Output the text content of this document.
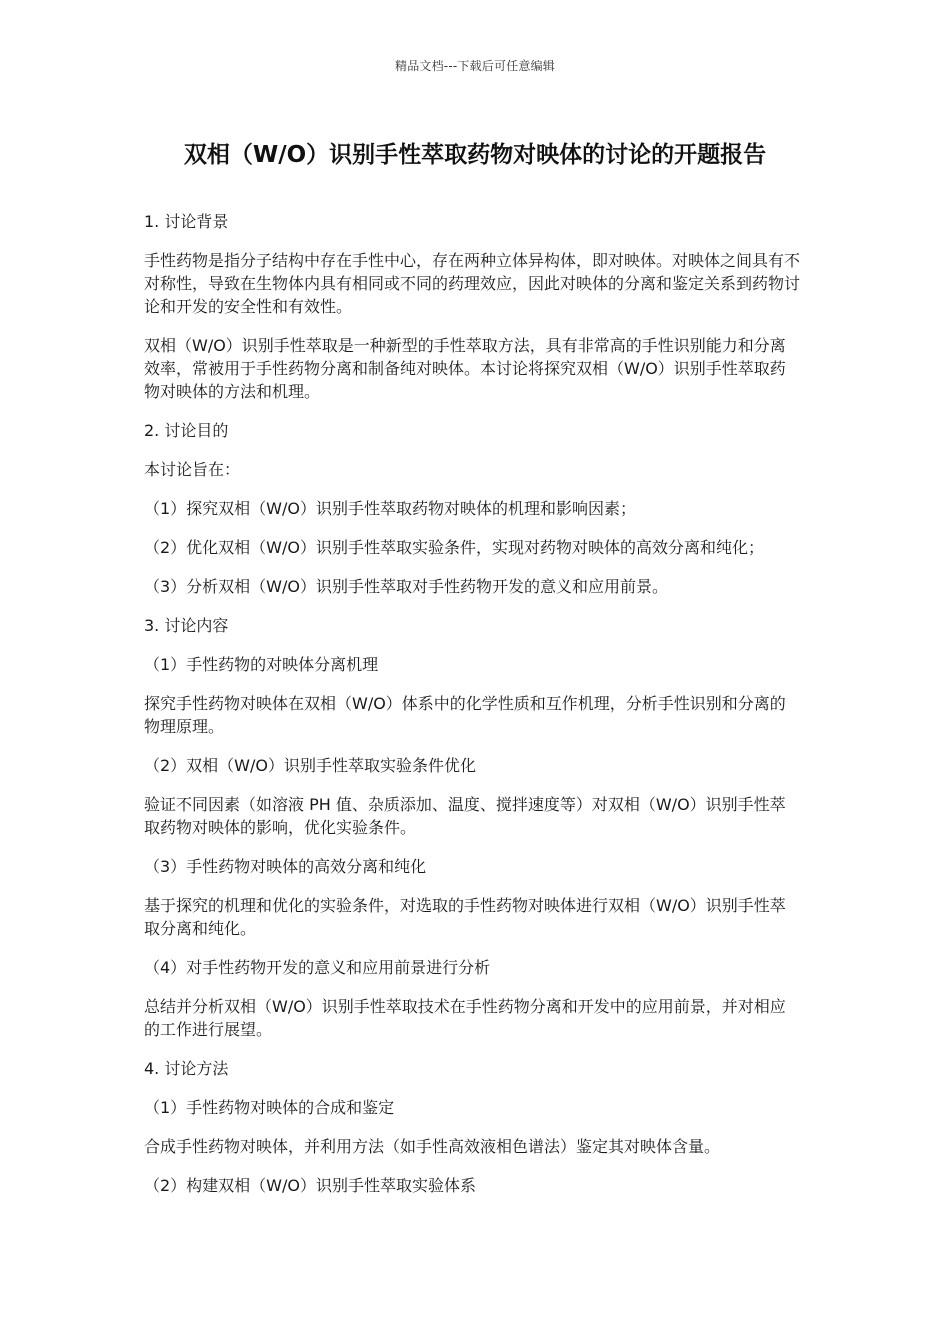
精品文档---下载后可任意编辑
双相（W/O）识别手性萃取药物对映体的讨论的开题报告
1. 讨论背景
手性药物是指分子结构中存在手性中心，存在两种立体异构体，即对映体。对映体之间具有不对称性，导致在生物体内具有相同或不同的药理效应，因此对映体的分离和鉴定关系到药物讨论和开发的安全性和有效性。
双相（W/O）识别手性萃取是一种新型的手性萃取方法，具有非常高的手性识别能力和分离效率，常被用于手性药物分离和制备纯对映体。本讨论将探究双相（W/O）识别手性萃取药物对映体的方法和机理。
2. 讨论目的
本讨论旨在：
（1）探究双相（W/O）识别手性萃取药物对映体的机理和影响因素；
（2）优化双相（W/O）识别手性萃取实验条件，实现对药物对映体的高效分离和纯化；
（3）分析双相（W/O）识别手性萃取对手性药物开发的意义和应用前景。
3. 讨论内容
（1）手性药物的对映体分离机理
探究手性药物对映体在双相（W/O）体系中的化学性质和互作机理，分析手性识别和分离的物理原理。
（2）双相（W/O）识别手性萃取实验条件优化
验证不同因素（如溶液 PH 值、杂质添加、温度、搅拌速度等）对双相（W/O）识别手性萃取药物对映体的影响，优化实验条件。
（3）手性药物对映体的高效分离和纯化
基于探究的机理和优化的实验条件，对选取的手性药物对映体进行双相（W/O）识别手性萃取分离和纯化。
（4）对手性药物开发的意义和应用前景进行分析
总结并分析双相（W/O）识别手性萃取技术在手性药物分离和开发中的应用前景，并对相应的工作进行展望。
4. 讨论方法
（1）手性药物对映体的合成和鉴定
合成手性药物对映体，并利用方法（如手性高效液相色谱法）鉴定其对映体含量。
（2）构建双相（W/O）识别手性萃取实验体系
